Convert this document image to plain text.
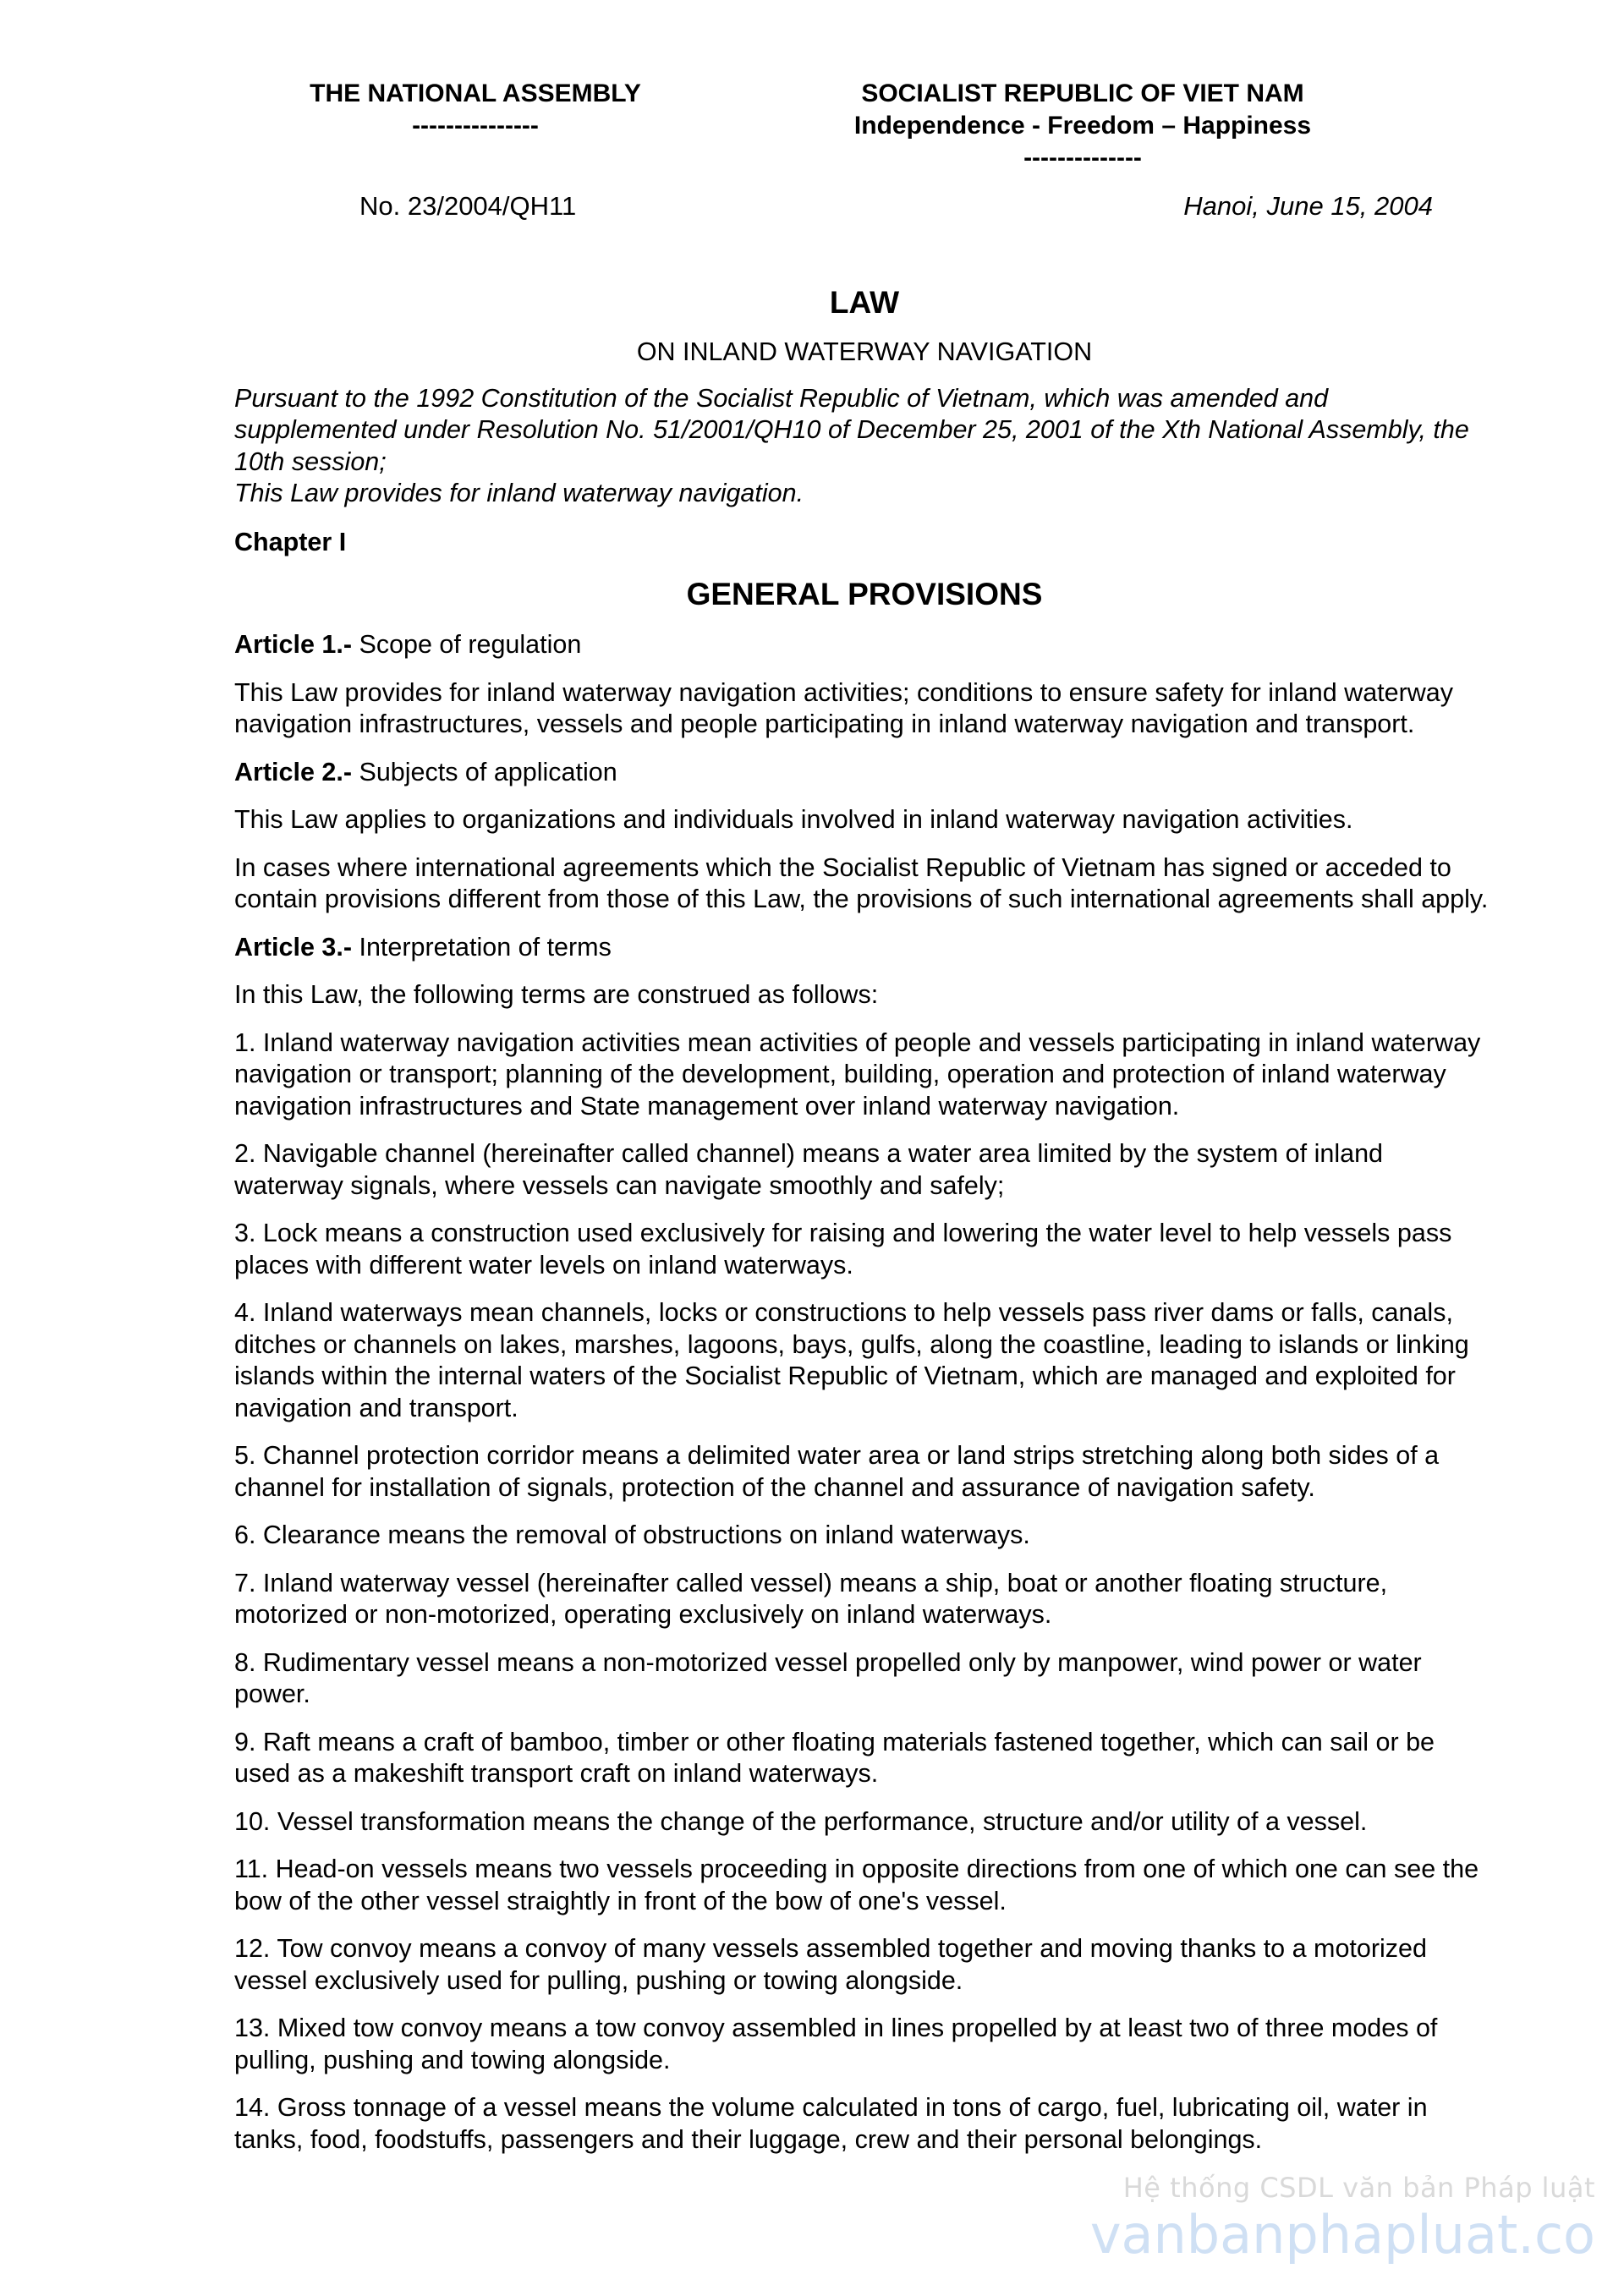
THE NATIONAL ASSEMBLY
---------------
SOCIALIST REPUBLIC OF VIET NAM
Independence - Freedom – Happiness
--------------
No. 23/2004/QH11	Hanoi, June 15, 2004
LAW
ON INLAND WATERWAY NAVIGATION
Pursuant to the 1992 Constitution of the Socialist Republic of Vietnam, which was amended and supplemented under Resolution No. 51/2001/QH10 of December 25, 2001 of the Xth National Assembly, the 10th session;
This Law provides for inland waterway navigation.
Chapter I
GENERAL PROVISIONS
Article 1.- Scope of regulation
This Law provides for inland waterway navigation activities; conditions to ensure safety for inland waterway navigation infrastructures, vessels and people participating in inland waterway navigation and transport.
Article 2.- Subjects of application
This Law applies to organizations and individuals involved in inland waterway navigation activities.
In cases where international agreements which the Socialist Republic of Vietnam has signed or acceded to contain provisions different from those of this Law, the provisions of such international agreements shall apply.
Article 3.- Interpretation of terms
In this Law, the following terms are construed as follows:
1. Inland waterway navigation activities mean activities of people and vessels participating in inland waterway navigation or transport; planning of the development, building, operation and protection of inland waterway navigation infrastructures and State management over inland waterway navigation.
2. Navigable channel (hereinafter called channel) means a water area limited by the system of inland waterway signals, where vessels can navigate smoothly and safely;
3. Lock means a construction used exclusively for raising and lowering the water level to help vessels pass places with different water levels on inland waterways.
4. Inland waterways mean channels, locks or constructions to help vessels pass river dams or falls, canals, ditches or channels on lakes, marshes, lagoons, bays, gulfs, along the coastline, leading to islands or linking islands within the internal waters of the Socialist Republic of Vietnam, which are managed and exploited for navigation and transport.
5. Channel protection corridor means a delimited water area or land strips stretching along both sides of a channel for installation of signals, protection of the channel and assurance of navigation safety.
6. Clearance means the removal of obstructions on inland waterways.
7. Inland waterway vessel (hereinafter called vessel) means a ship, boat or another floating structure, motorized or non-motorized, operating exclusively on inland waterways.
8. Rudimentary vessel means a non-motorized vessel propelled only by manpower, wind power or water power.
9. Raft means a craft of bamboo, timber or other floating materials fastened together, which can sail or be used as a makeshift transport craft on inland waterways.
10. Vessel transformation means the change of the performance, structure and/or utility of a vessel.
11. Head-on vessels means two vessels proceeding in opposite directions from one of which one can see the bow of the other vessel straightly in front of the bow of one's vessel.
12. Tow convoy means a convoy of many vessels assembled together and moving thanks to a motorized vessel exclusively used for pulling, pushing or towing alongside.
13. Mixed tow convoy means a tow convoy assembled in lines propelled by at least two of three modes of pulling, pushing and towing alongside.
14. Gross tonnage of a vessel means the volume calculated in tons of cargo, fuel, lubricating oil, water in tanks, food, foodstuffs, passengers and their luggage, crew and their personal belongings.
Hệ thống CSDL văn bản Pháp luật
vanbanphapluat.co
